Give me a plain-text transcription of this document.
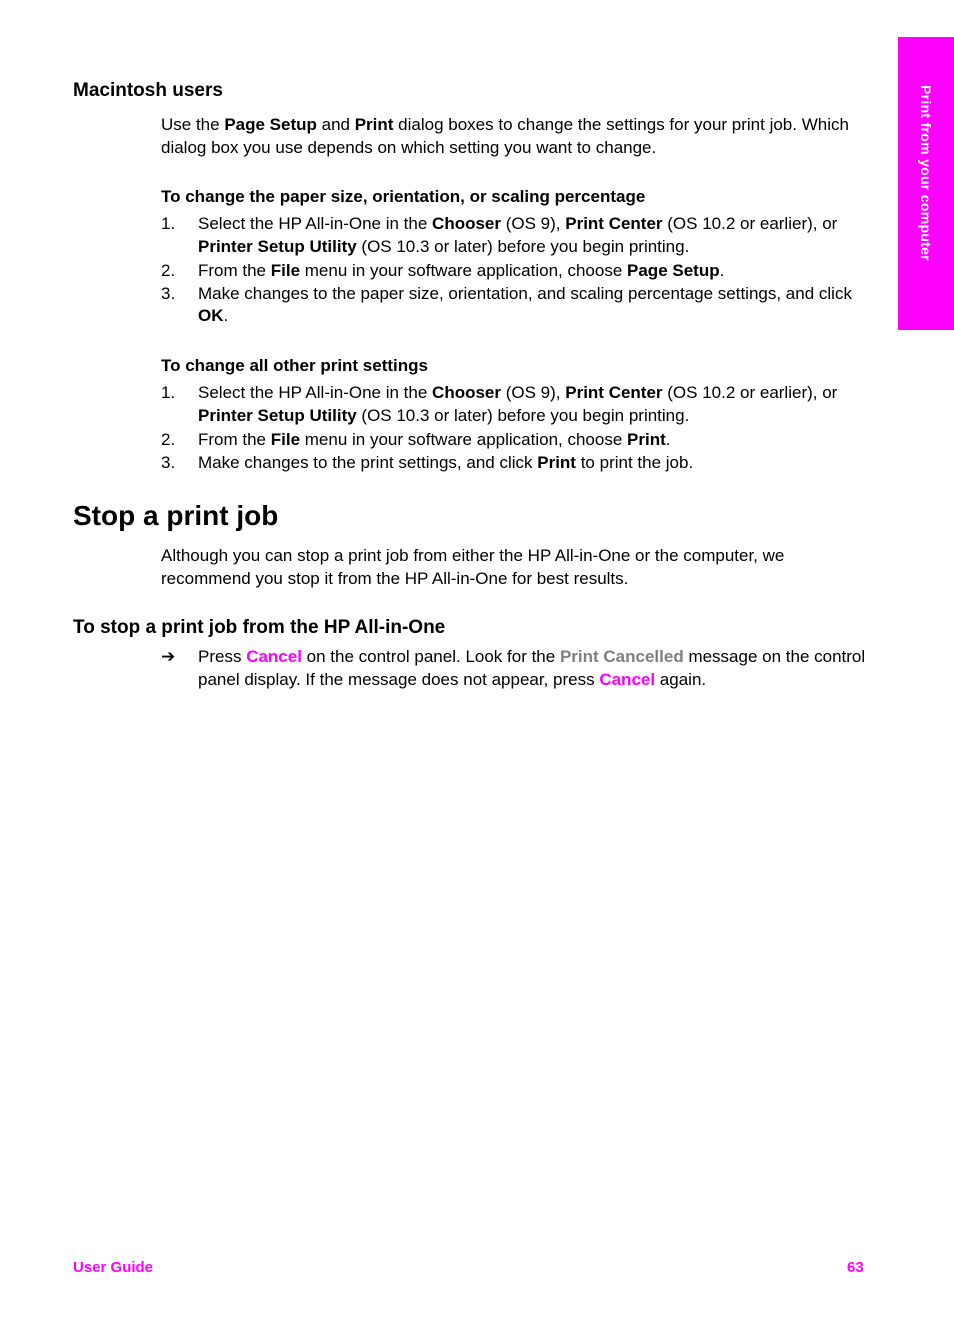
Print from your computer
Macintosh users

Use the Page Setup and Print dialog boxes to change the settings for your print job. Which dialog box you use depends on which setting you want to change.

To change the paper size, orientation, or scaling percentage
1. Select the HP All-in-One in the Chooser (OS 9), Print Center (OS 10.2 or earlier), or Printer Setup Utility (OS 10.3 or later) before you begin printing.
2. From the File menu in your software application, choose Page Setup.
3. Make changes to the paper size, orientation, and scaling percentage settings, and click OK.
To change all other print settings
1. Select the HP All-in-One in the Chooser (OS 9), Print Center (OS 10.2 or earlier), or Printer Setup Utility (OS 10.3 or later) before you begin printing.
2. From the File menu in your software application, choose Print.
3. Make changes to the print settings, and click Print to print the job.
Stop a print job

Although you can stop a print job from either the HP All-in-One or the computer, we recommend you stop it from the HP All-in-One for best results.

To stop a print job from the HP All-in-One

➔ Press Cancel on the control panel. Look for the Print Cancelled message on the control panel display. If the message does not appear, press Cancel again.

User Guide	63
